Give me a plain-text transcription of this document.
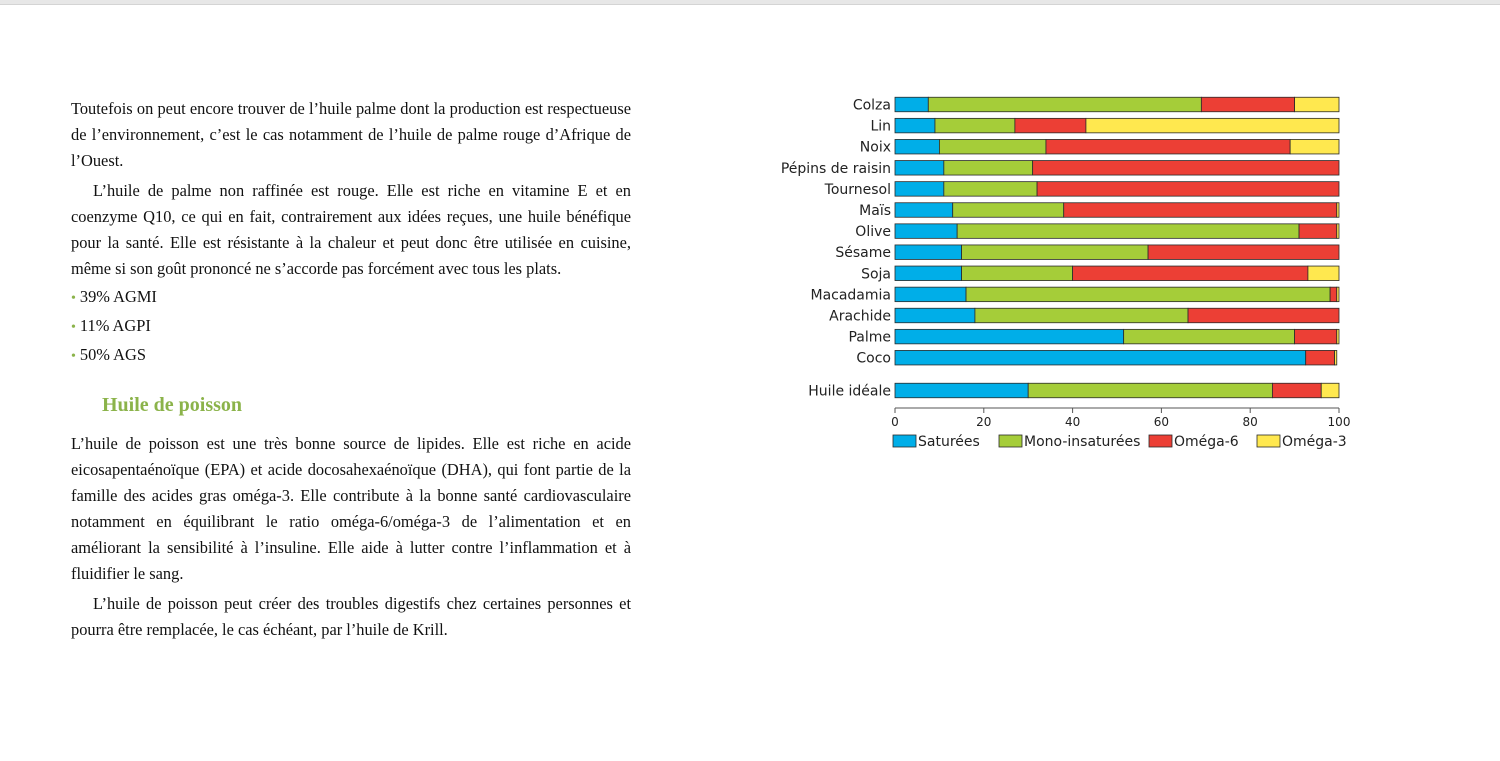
Toutefois on peut encore trouver de l’huile palme dont la production est respectueuse de l’environnement, c’est le cas notamment de l’huile de palme rouge d’Afrique de l’Ouest.

L’huile de palme non raffinée est rouge. Elle est riche en vitamine E et en coenzyme Q10, ce qui en fait, contrairement aux idées reçues, une huile bénéfique pour la santé. Elle est résistante à la chaleur et peut donc être utilisée en cuisine, même si son goût prononcé ne s’accorde pas forcément avec tous les plats.

• 39% AGMI
• 11% AGPI
• 50% AGS
Huile de poisson

L’huile de poisson est une très bonne source de lipides. Elle est riche en acide eicosapentaénoïque (EPA) et acide docosahexaénoïque (DHA), qui font partie de la famille des acides gras oméga-3. Elle contribute à la bonne santé cardiovasculaire notamment en équilibrant le ratio oméga-6/oméga-3 de l’alimentation et en améliorant la sensibilité à l’insuline. Elle aide à lutter contre l’inflammation et à fluidifier le sang.

L’huile de poisson peut créer des troubles digestifs chez certaines personnes et pourra être remplacée, le cas échéant, par l’huile de Krill.

Colza
Lin
Noix
Pépins de raisin
Tournesol
Maïs
Olive
Sésame
Soja
Macadamia
Arachide
Palme
Coco
Huile idéale
0	20	40	60	80	100
Saturées	Mono-insaturées Oméga-6	Oméga-3
